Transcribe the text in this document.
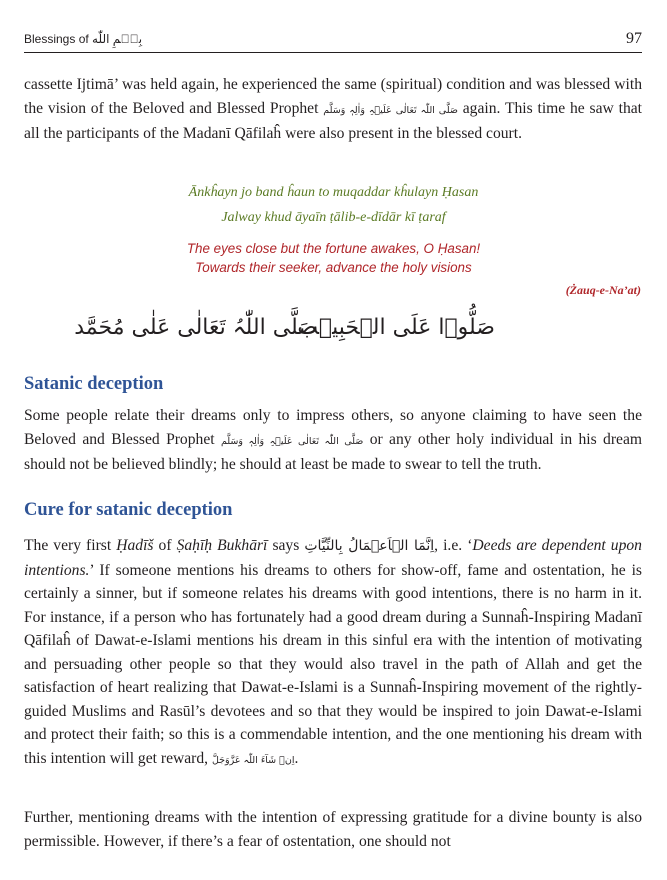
Blessings of بِسۡمِ اللّٰه	97

cassette Ijtimā’ was held again, he experienced the same (spiritual) condition and was blessed with the vision of the Beloved and Blessed Prophet صَلَّی اللّٰہ تَعَالٰی عَلَیۡہِ وَاٰلِہٖ وَسَلَّم again. This time he saw that all the participants of the Madanī Qāfilaĥ were also present in the blessed court.

Ānkĥayn jo band ĥaun to muqaddar kĥulayn Ḥasan

Jalway khud āyaīn ṭālib-e-dīdār kī ṭaraf

The eyes close but the fortune awakes, O Ḥasan!

Towards their seeker, advance the holy visions

(Żauq-e-Na’at)
صَلُّوۡا عَلَی الۡحَبِیۡب
صَلَّی اللّٰہُ تَعَالٰی عَلٰی مُحَمَّد
Satanic deception

Some people relate their dreams only to impress others, so anyone claiming to have seen the Beloved and Blessed Prophet صَلَّی اللّٰہ تَعَالٰی عَلَیۡہِ وَاٰلِہٖ وَسَلَّم or any other holy individual in his dream should not be believed blindly; he should at least be made to swear to tell the truth.

Cure for satanic deception

The very first Ḥadīš of Ṣaḥīḥ Bukhārī says اِنَّمَا الۡاَعۡمَالُ بِالنِّیَّاتِ, i.e. ‘Deeds are dependent upon intentions.’ If someone mentions his dreams to others for show-off, fame and ostentation, he is certainly a sinner, but if someone relates his dreams with good intentions, there is no harm in it. For instance, if a person who has fortunately had a good dream during a Sunnaĥ-Inspiring Madanī Qāfilaĥ of Dawat-e-Islami mentions his dream in this sinful era with the intention of motivating and persuading other people so that they would also travel in the path of Allah and get the satisfaction of heart realizing that Dawat-e-Islami is a Sunnaĥ-Inspiring movement of the rightly-guided Muslims and Rasūl’s devotees and so that they would be inspired to join Dawat-e-Islami and protect their faith; so this is a commendable intention, and the one mentioning his dream with this intention will get reward, اِنۡ شَآءَ اللّٰہ عَزَّوَجَلَّ.

Further, mentioning dreams with the intention of expressing gratitude for a divine bounty is also permissible. However, if there’s a fear of ostentation, one should not
